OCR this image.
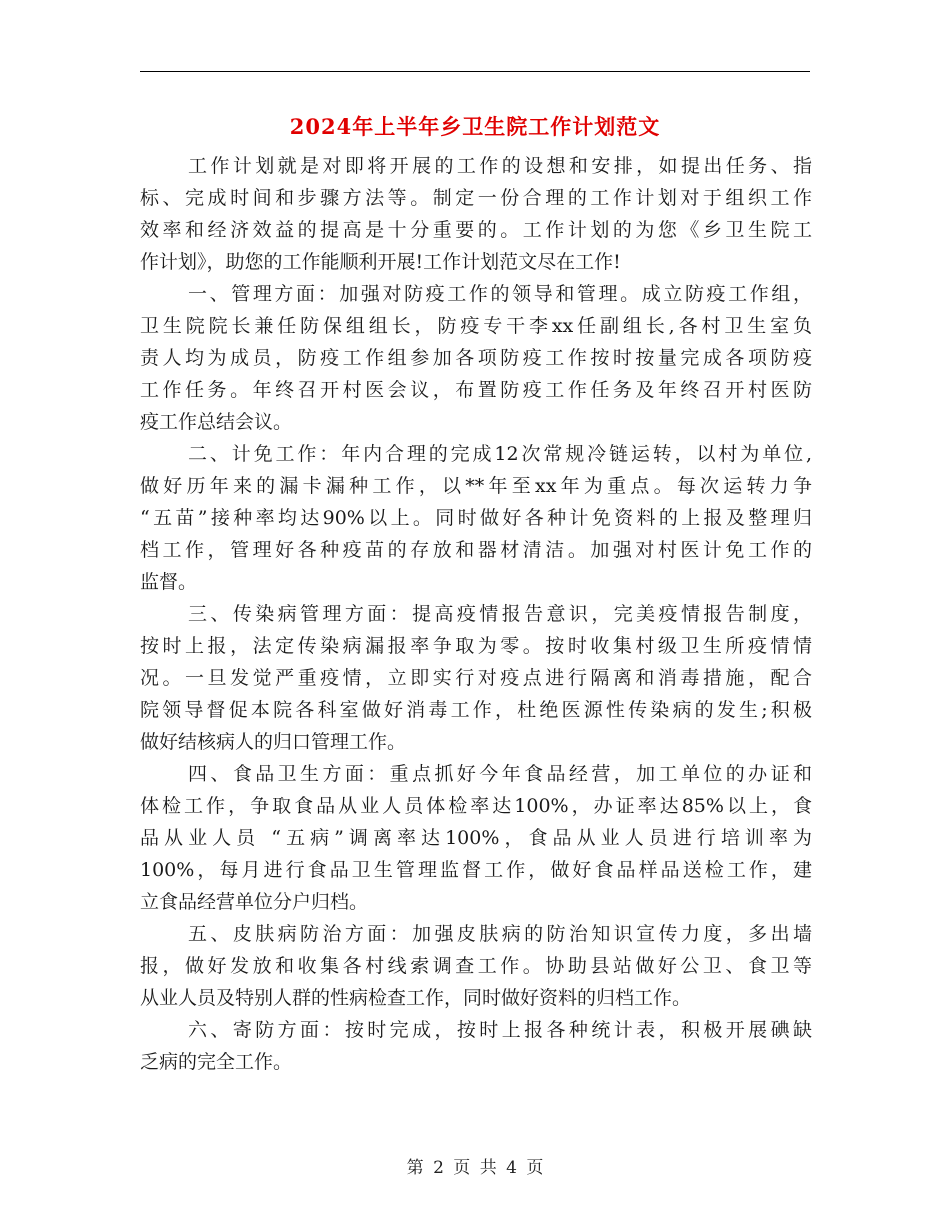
2024年上半年乡卫生院工作计划范文
工作计划就是对即将开展的工作的设想和安排，如提出任务、指
标、完成时间和步骤方法等。制定一份合理的工作计划对于组织工作
效率和经济效益的提高是十分重要的。工作计划的为您《乡卫生院工
作计划》，助您的工作能顺利开展!工作计划范文尽在工作!
一、管理方面：加强对防疫工作的领导和管理。成立防疫工作组，
卫生院院长兼任防保组组长，防疫专干李xx任副组长,各村卫生室负
责人均为成员，防疫工作组参加各项防疫工作按时按量完成各项防疫
工作任务。年终召开村医会议，布置防疫工作任务及年终召开村医防
疫工作总结会议。
二、计免工作：年内合理的完成12次常规冷链运转，以村为单位,
做好历年来的漏卡漏种工作，以**年至xx年为重点。每次运转力争
“五苗”接种率均达90%以上。同时做好各种计免资料的上报及整理归
档工作，管理好各种疫苗的存放和器材清洁。加强对村医计免工作的
监督。
三、传染病管理方面：提高疫情报告意识，完美疫情报告制度，
按时上报，法定传染病漏报率争取为零。按时收集村级卫生所疫情情
况。一旦发觉严重疫情，立即实行对疫点进行隔离和消毒措施，配合
院领导督促本院各科室做好消毒工作，杜绝医源性传染病的发生;积极
做好结核病人的归口管理工作。
四、食品卫生方面：重点抓好今年食品经营，加工单位的办证和
体检工作，争取食品从业人员体检率达100%，办证率达85%以上，食
品从业人员 “五病”调离率达100%，食品从业人员进行培训率为
100%，每月进行食品卫生管理监督工作，做好食品样品送检工作，建
立食品经营单位分户归档。
五、皮肤病防治方面：加强皮肤病的防治知识宣传力度，多出墙
报，做好发放和收集各村线索调查工作。协助县站做好公卫、食卫等
从业人员及特别人群的性病检查工作，同时做好资料的归档工作。
六、寄防方面：按时完成，按时上报各种统计表，积极开展碘缺
乏病的完全工作。
第 2 页 共 4 页
